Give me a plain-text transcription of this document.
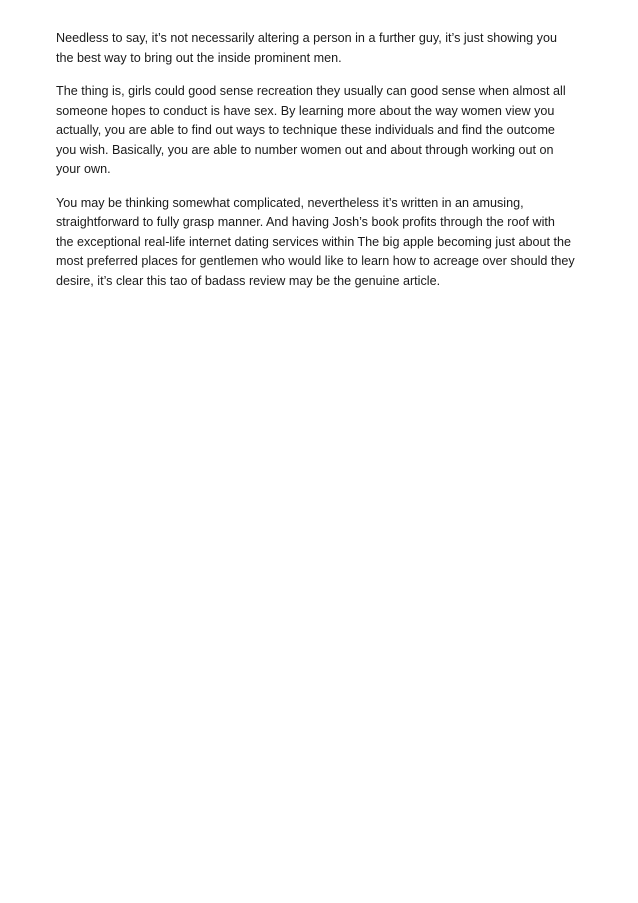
Needless to say, it’s not necessarily altering a person in a further guy, it’s just showing you
the best way to bring out the inside prominent men.

The thing is, girls could good sense recreation they usually can good sense when almost all
someone hopes to conduct is have sex. By learning more about the way women view you
actually, you are able to find out ways to technique these individuals and find the outcome
you wish. Basically, you are able to number women out and about through working out on
your own.

You may be thinking somewhat complicated, nevertheless it’s written in an amusing,
straightforward to fully grasp manner. And having Josh’s book profits through the roof with
the exceptional real-life internet dating services within The big apple becoming just about the
most preferred places for gentlemen who would like to learn how to acreage over should they
desire, it’s clear this tao of badass review may be the genuine article.
